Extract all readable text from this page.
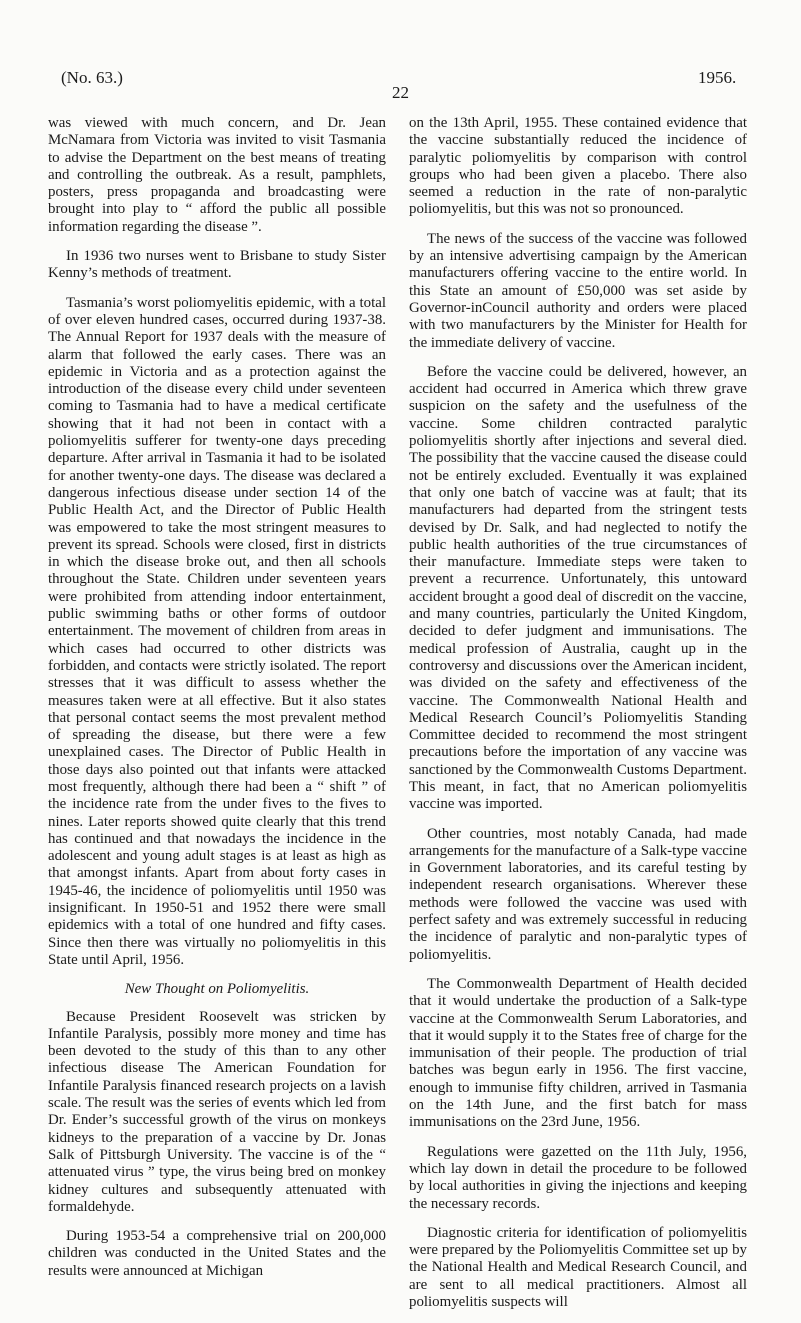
(No. 63.)	1956.
22

was viewed with much concern, and Dr. Jean McNamara from Victoria was invited to visit Tasmania to advise the Department on the best means of treating and controlling the outbreak. As a result, pamphlets, posters, press propaganda and broadcasting were brought into play to “ afford the public all possible information regarding the disease ”.

In 1936 two nurses went to Brisbane to study Sister Kenny’s methods of treatment.

Tasmania’s worst poliomyelitis epidemic, with a total of over eleven hundred cases, occurred during 1937-38. The Annual Report for 1937 deals with the measure of alarm that followed the early cases. There was an epidemic in Victoria and as a protection against the introduction of the disease every child under seventeen coming to Tasmania had to have a medical certificate showing that it had not been in contact with a poliomyelitis sufferer for twenty-one days preceding departure. After arrival in Tasmania it had to be isolated for another twenty-one days. The disease was declared a dangerous infectious disease under section 14 of the Public Health Act, and the Director of Public Health was empowered to take the most stringent measures to prevent its spread. Schools were closed, first in districts in which the disease broke out, and then all schools throughout the State. Children under seventeen years were prohibited from attending indoor entertainment, public swimming baths or other forms of outdoor entertainment. The movement of children from areas in which cases had occurred to other districts was forbidden, and contacts were strictly isolated. The report stresses that it was difficult to assess whether the measures taken were at all effective. But it also states that personal contact seems the most prevalent method of spreading the disease, but there were a few unexplained cases. The Director of Public Health in those days also pointed out that infants were attacked most frequently, although there had been a “ shift ” of the incidence rate from the under fives to the fives to nines. Later reports showed quite clearly that this trend has continued and that nowadays the incidence in the adolescent and young adult stages is at least as high as that amongst infants. Apart from about forty cases in 1945-46, the incidence of poliomyelitis until 1950 was insignificant. In 1950-51 and 1952 there were small epidemics with a total of one hundred and fifty cases. Since then there was virtually no poliomyelitis in this State until April, 1956.

New Thought on Poliomyelitis.

Because President Roosevelt was stricken by Infantile Paralysis, possibly more money and time has been devoted to the study of this than to any other infectious disease The American Foundation for Infantile Paralysis financed research projects on a lavish scale. The result was the series of events which led from Dr. Ender’s successful growth of the virus on monkeys kidneys to the preparation of a vaccine by Dr. Jonas Salk of Pittsburgh University. The vaccine is of the “ attenuated virus ” type, the virus being bred on monkey kidney cultures and subsequently attenuated with formaldehyde.

During 1953-54 a comprehensive trial on 200,000 children was conducted in the United States and the results were announced at Michigan

on the 13th April, 1955. These contained evidence that the vaccine substantially reduced the incidence of paralytic poliomyelitis by comparison with control groups who had been given a placebo. There also seemed a reduction in the rate of non-paralytic poliomyelitis, but this was not so pronounced.

The news of the success of the vaccine was followed by an intensive advertising campaign by the American manufacturers offering vaccine to the entire world. In this State an amount of £50,000 was set aside by Governor-inCouncil authority and orders were placed with two manufacturers by the Minister for Health for the immediate delivery of vaccine.

Before the vaccine could be delivered, however, an accident had occurred in America which threw grave suspicion on the safety and the usefulness of the vaccine. Some children contracted paralytic poliomyelitis shortly after injections and several died. The possibility that the vaccine caused the disease could not be entirely excluded. Eventually it was explained that only one batch of vaccine was at fault; that its manufacturers had departed from the stringent tests devised by Dr. Salk, and had neglected to notify the public health authorities of the true circumstances of their manufacture. Immediate steps were taken to prevent a recurrence. Unfortunately, this untoward accident brought a good deal of discredit on the vaccine, and many countries, particularly the United Kingdom, decided to defer judgment and immunisations. The medical profession of Australia, caught up in the controversy and discussions over the American incident, was divided on the safety and effectiveness of the vaccine. The Commonwealth National Health and Medical Research Council’s Poliomyelitis Standing Committee decided to recommend the most stringent precautions before the importation of any vaccine was sanctioned by the Commonwealth Customs Department. This meant, in fact, that no American poliomyelitis vaccine was imported.

Other countries, most notably Canada, had made arrangements for the manufacture of a Salk-type vaccine in Government laboratories, and its careful testing by independent research organisations. Wherever these methods were followed the vaccine was used with perfect safety and was extremely successful in reducing the incidence of paralytic and non-paralytic types of poliomyelitis.

The Commonwealth Department of Health decided that it would undertake the production of a Salk-type vaccine at the Commonwealth Serum Laboratories, and that it would supply it to the States free of charge for the immunisation of their people. The production of trial batches was begun early in 1956. The first vaccine, enough to immunise fifty children, arrived in Tasmania on the 14th June, and the first batch for mass immunisations on the 23rd June, 1956.

Regulations were gazetted on the 11th July, 1956, which lay down in detail the procedure to be followed by local authorities in giving the injections and keeping the necessary records.

Diagnostic criteria for identification of poliomyelitis were prepared by the Poliomyelitis Committee set up by the National Health and Medical Research Council, and are sent to all medical practitioners. Almost all poliomyelitis suspects will
